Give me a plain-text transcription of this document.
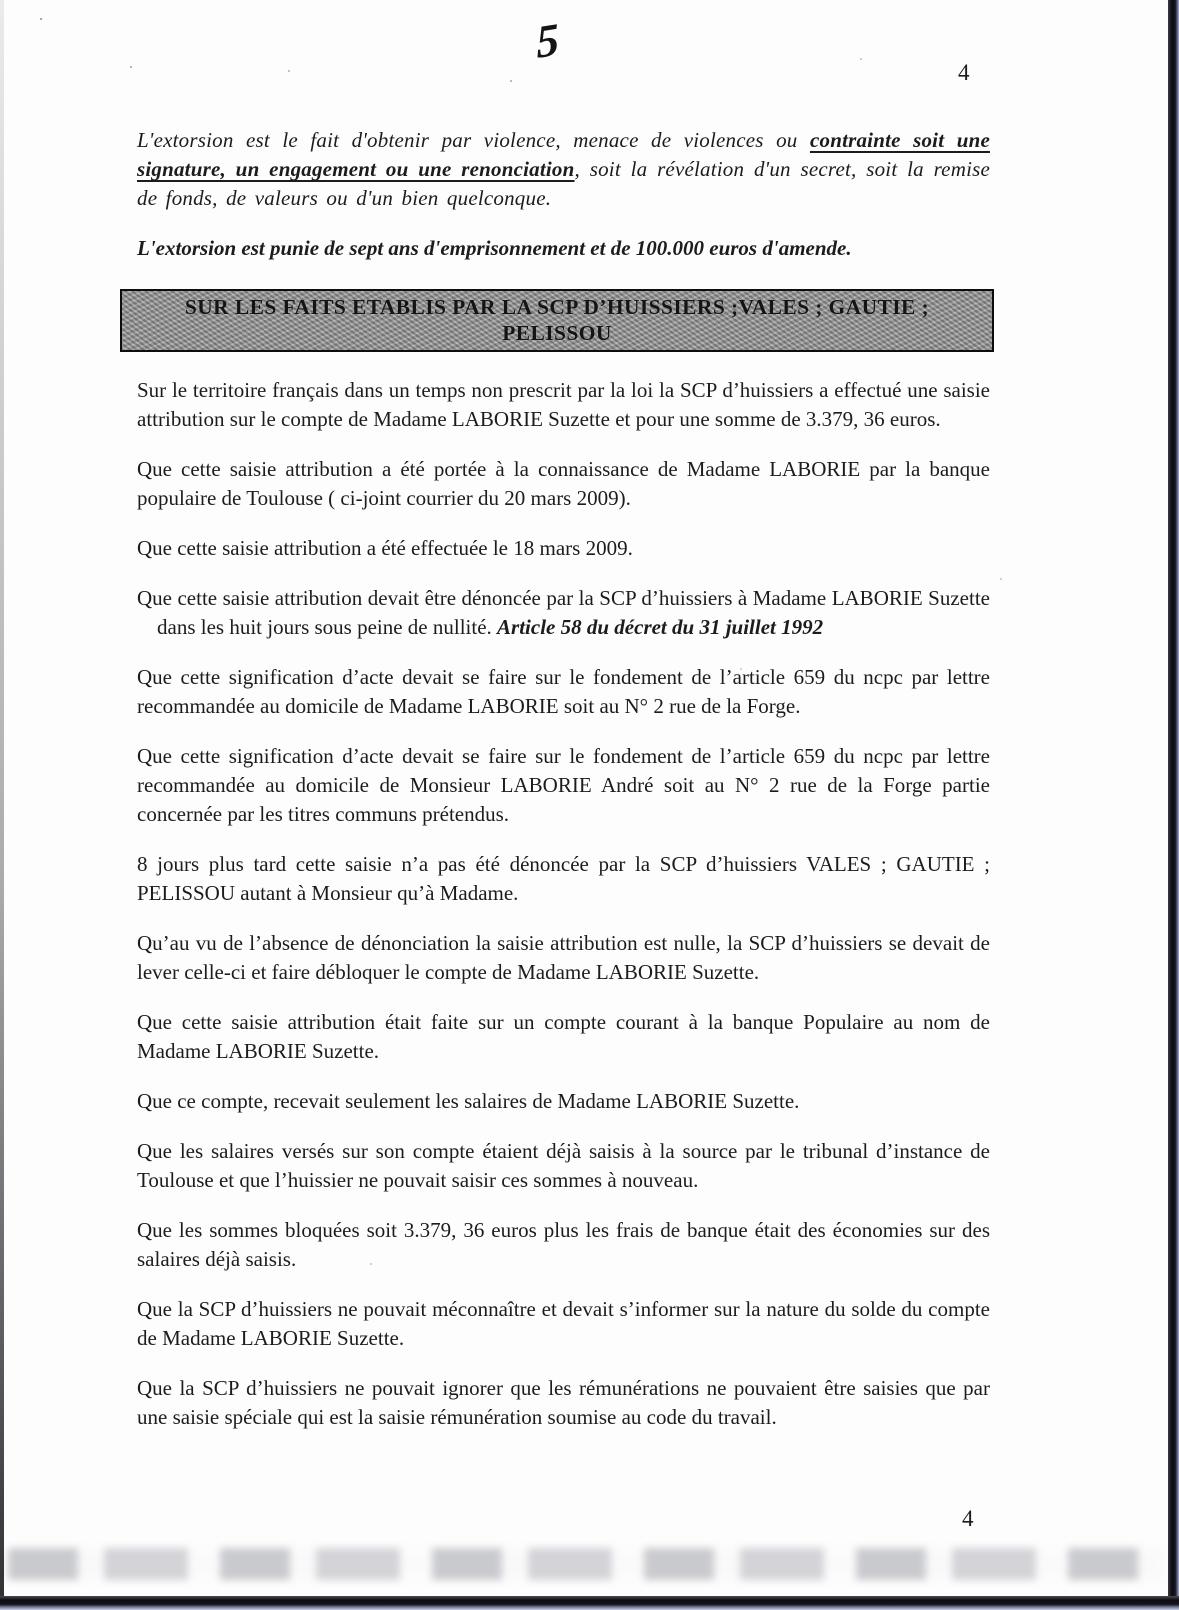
5
4

L'extorsion est le fait d'obtenir par violence, menace de violences ou contrainte soit une signature, un engagement ou une renonciation, soit la révélation d'un secret, soit la remise de fonds, de valeurs ou d'un bien quelconque.

L'extorsion est punie de sept ans d'emprisonnement et de 100.000 euros d'amende.

SUR LES FAITS ETABLIS PAR LA SCP D’HUISSIERS ;VALES ; GAUTIE ;
PELISSOU

Sur le territoire français dans un temps non prescrit par la loi la SCP d’huissiers a effectué une saisie attribution sur le compte de Madame LABORIE Suzette et pour une somme de 3.379, 36 euros.

Que cette saisie attribution a été portée à la connaissance de Madame LABORIE par la banque populaire de Toulouse ( ci-joint courrier du 20 mars 2009).

Que cette saisie attribution a été effectuée le 18 mars 2009.

Que cette saisie attribution devait être dénoncée par la SCP d’huissiers à Madame LABORIE Suzette dans les huit jours sous peine de nullité. Article 58 du décret du 31 juillet 1992

Que cette signification d’acte devait se faire sur le fondement de l’article 659 du ncpc par lettre recommandée au domicile de Madame LABORIE soit au N° 2 rue de la Forge.

Que cette signification d’acte devait se faire sur le fondement de l’article 659 du ncpc par lettre recommandée au domicile de Monsieur LABORIE André soit au N° 2 rue de la Forge partie concernée par les titres communs prétendus.

8 jours plus tard cette saisie n’a pas été dénoncée par la SCP d’huissiers VALES ; GAUTIE ; PELISSOU autant à Monsieur qu’à Madame.

Qu’au vu de l’absence de dénonciation la saisie attribution est nulle, la SCP d’huissiers se devait de lever celle-ci et faire débloquer le compte de Madame LABORIE Suzette.

Que cette saisie attribution était faite sur un compte courant à la banque Populaire au nom de Madame LABORIE Suzette.

Que ce compte, recevait seulement les salaires de Madame LABORIE Suzette.

Que les salaires versés sur son compte étaient déjà saisis à la source par le tribunal d’instance de Toulouse et que l’huissier ne pouvait saisir ces sommes à nouveau.

Que les sommes bloquées soit 3.379, 36 euros plus les frais de banque était des économies sur des salaires déjà saisis.

Que la SCP d’huissiers ne pouvait méconnaître et devait s’informer sur la nature du solde du compte de Madame LABORIE Suzette.

Que la SCP d’huissiers ne pouvait ignorer que les rémunérations ne pouvaient être saisies que par une saisie spéciale qui est la saisie rémunération soumise au code du travail.

4
